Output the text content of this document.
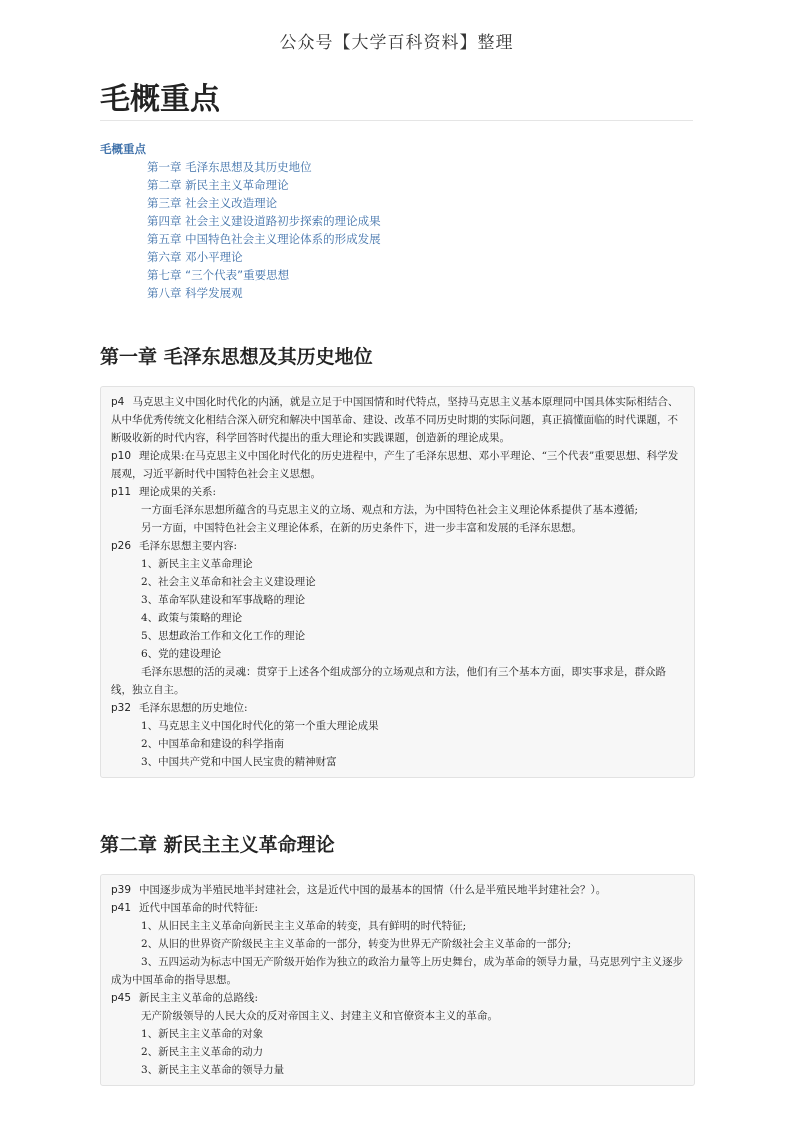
公众号【大学百科资料】整理
毛概重点
毛概重点
第一章 毛泽东思想及其历史地位
第二章 新民主主义革命理论
第三章 社会主义改造理论
第四章 社会主义建设道路初步探索的理论成果
第五章 中国特色社会主义理论体系的形成发展
第六章 邓小平理论
第七章 “三个代表”重要思想
第八章 科学发展观
第一章 毛泽东思想及其历史地位

p4 马克思主义中国化时代化的内涵，就是立足于中国国情和时代特点，坚持马克思主义基本原理同中国具体实际相结合、从中华优秀传统文化相结合深入研究和解决中国革命、建设、改革不同历史时期的实际问题，真正搞懂面临的时代课题，不断吸收新的时代内容，科学回答时代提出的重大理论和实践课题，创造新的理论成果。

p10 理论成果:在马克思主义中国化时代化的历史进程中，产生了毛泽东思想、邓小平理论、“三个代表”重要思想、科学发展观，习近平新时代中国特色社会主义思想。

p11 理论成果的关系:

一方面毛泽东思想所蕴含的马克思主义的立场、观点和方法，为中国特色社会主义理论体系提供了基本遵循;

另一方面，中国特色社会主义理论体系，在新的历史条件下，进一步丰富和发展的毛泽东思想。

p26 毛泽东思想主要内容:

1、新民主主义革命理论

2、社会主义革命和社会主义建设理论

3、革命军队建设和军事战略的理论

4、政策与策略的理论

5、思想政治工作和文化工作的理论

6、党的建设理论

毛泽东思想的活的灵魂：贯穿于上述各个组成部分的立场观点和方法，他们有三个基本方面，即实事求是，群众路线，独立自主。

p32 毛泽东思想的历史地位:

1、马克思主义中国化时代化的第一个重大理论成果

2、中国革命和建设的科学指南

3、中国共产党和中国人民宝贵的精神财富

第二章 新民主主义革命理论

p39 中国逐步成为半殖民地半封建社会，这是近代中国的最基本的国情（什么是半殖民地半封建社会？）。

p41 近代中国革命的时代特征:

1、从旧民主主义革命向新民主主义革命的转变，具有鲜明的时代特征;

2、从旧的世界资产阶级民主主义革命的一部分，转变为世界无产阶级社会主义革命的一部分;

3、五四运动为标志中国无产阶级开始作为独立的政治力量等上历史舞台，成为革命的领导力量，马克思列宁主义逐步成为中国革命的指导思想。

p45 新民主主义革命的总路线:

无产阶级领导的人民大众的反对帝国主义、封建主义和官僚资本主义的革命。

1、新民主主义革命的对象

2、新民主主义革命的动力

3、新民主主义革命的领导力量
